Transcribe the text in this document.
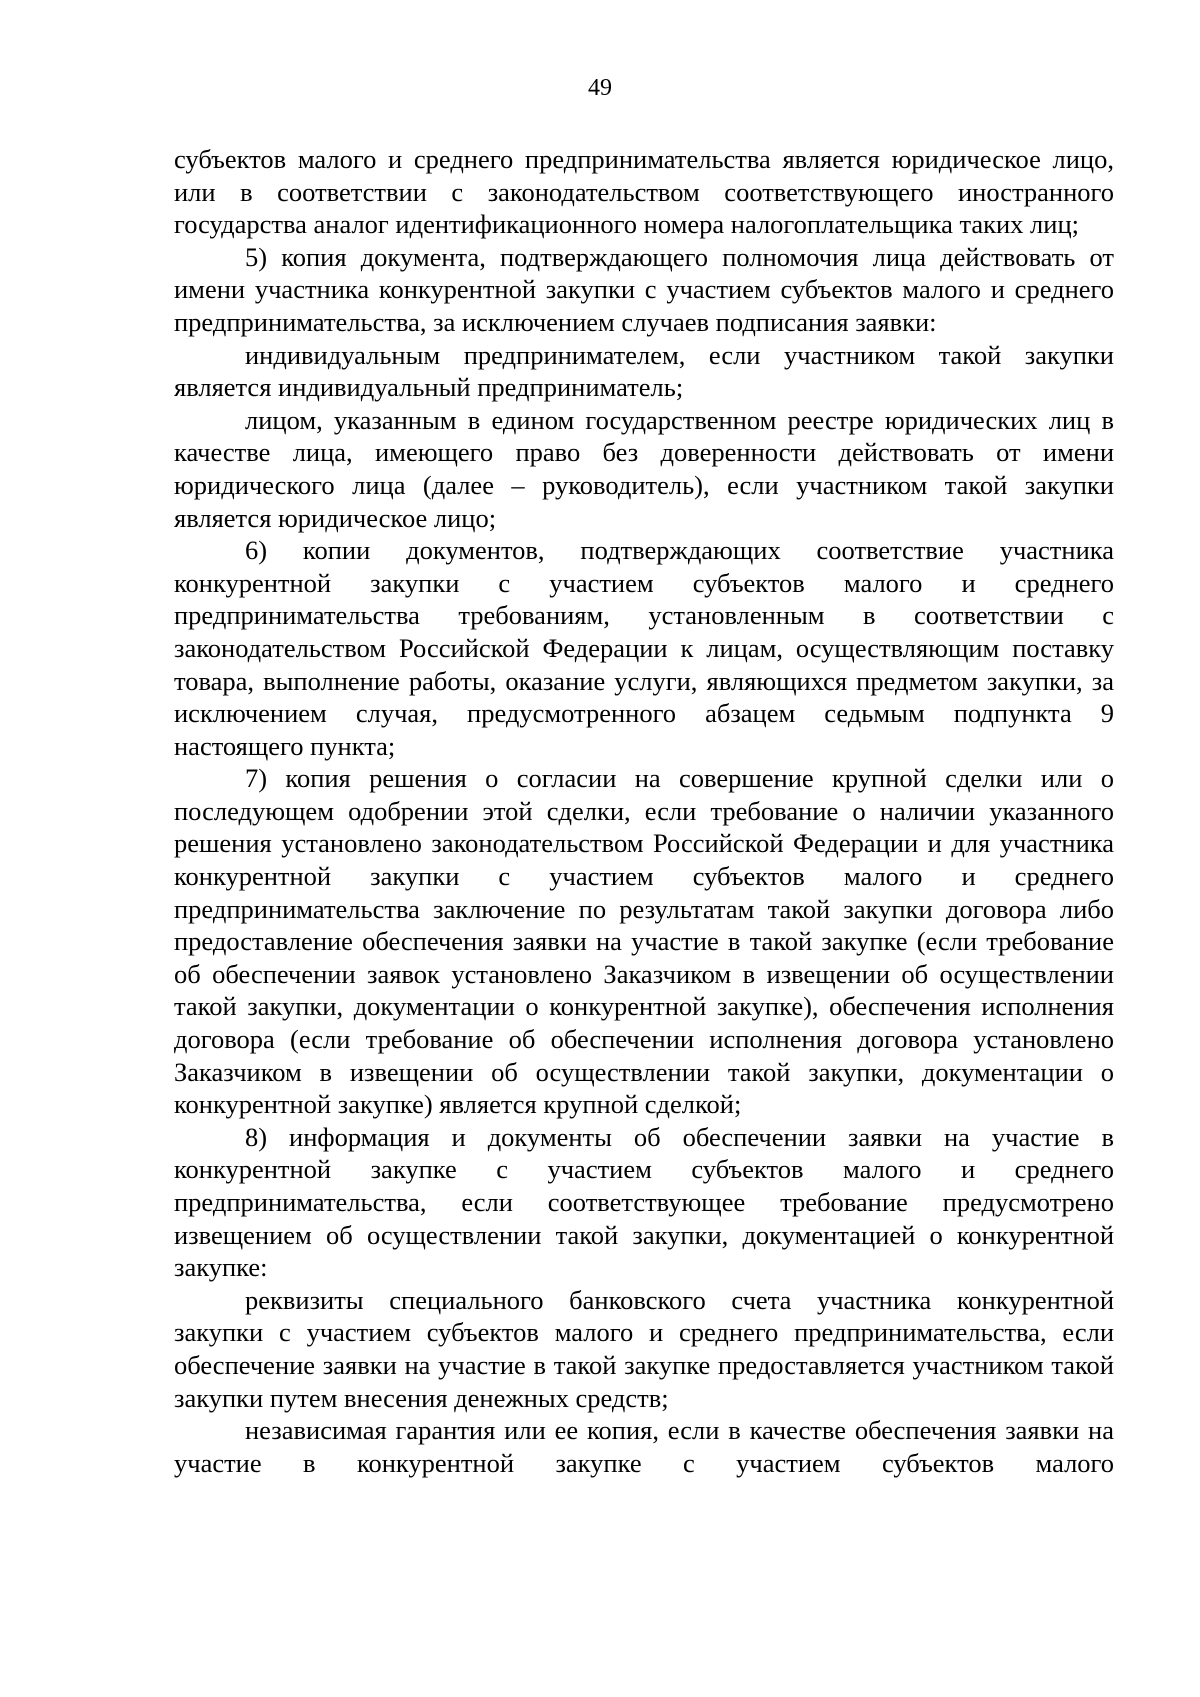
49

субъектов малого и среднего предпринимательства является юридическое лицо, или в соответствии с законодательством соответствующего иностранного государства аналог идентификационного номера налогоплательщика таких лиц;

5) копия документа, подтверждающего полномочия лица действовать от имени участника конкурентной закупки с участием субъектов малого и среднего предпринимательства, за исключением случаев подписания заявки:

индивидуальным предпринимателем, если участником такой закупки является индивидуальный предприниматель;

лицом, указанным в едином государственном реестре юридических лиц в качестве лица, имеющего право без доверенности действовать от имени юридического лица (далее – руководитель), если участником такой закупки является юридическое лицо;

6) копии документов, подтверждающих соответствие участника конкурентной закупки с участием субъектов малого и среднего предпринимательства требованиям, установленным в соответствии с законодательством Российской Федерации к лицам, осуществляющим поставку товара, выполнение работы, оказание услуги, являющихся предметом закупки, за исключением случая, предусмотренного абзацем седьмым подпункта 9 настоящего пункта;

7) копия решения о согласии на совершение крупной сделки или о последующем одобрении этой сделки, если требование о наличии указанного решения установлено законодательством Российской Федерации и для участника конкурентной закупки с участием субъектов малого и среднего предпринимательства заключение по результатам такой закупки договора либо предоставление обеспечения заявки на участие в такой закупке (если требование об обеспечении заявок установлено Заказчиком в извещении об осуществлении такой закупки, документации о конкурентной закупке), обеспечения исполнения договора (если требование об обеспечении исполнения договора установлено Заказчиком в извещении об осуществлении такой закупки, документации о конкурентной закупке) является крупной сделкой;

8) информация и документы об обеспечении заявки на участие в конкурентной закупке с участием субъектов малого и среднего предпринимательства, если соответствующее требование предусмотрено извещением об осуществлении такой закупки, документацией о конкурентной закупке:

реквизиты специального банковского счета участника конкурентной закупки с участием субъектов малого и среднего предпринимательства, если обеспечение заявки на участие в такой закупке предоставляется участником такой закупки путем внесения денежных средств;

независимая гарантия или ее копия, если в качестве обеспечения заявки на участие в конкурентной закупке с участием субъектов малого
